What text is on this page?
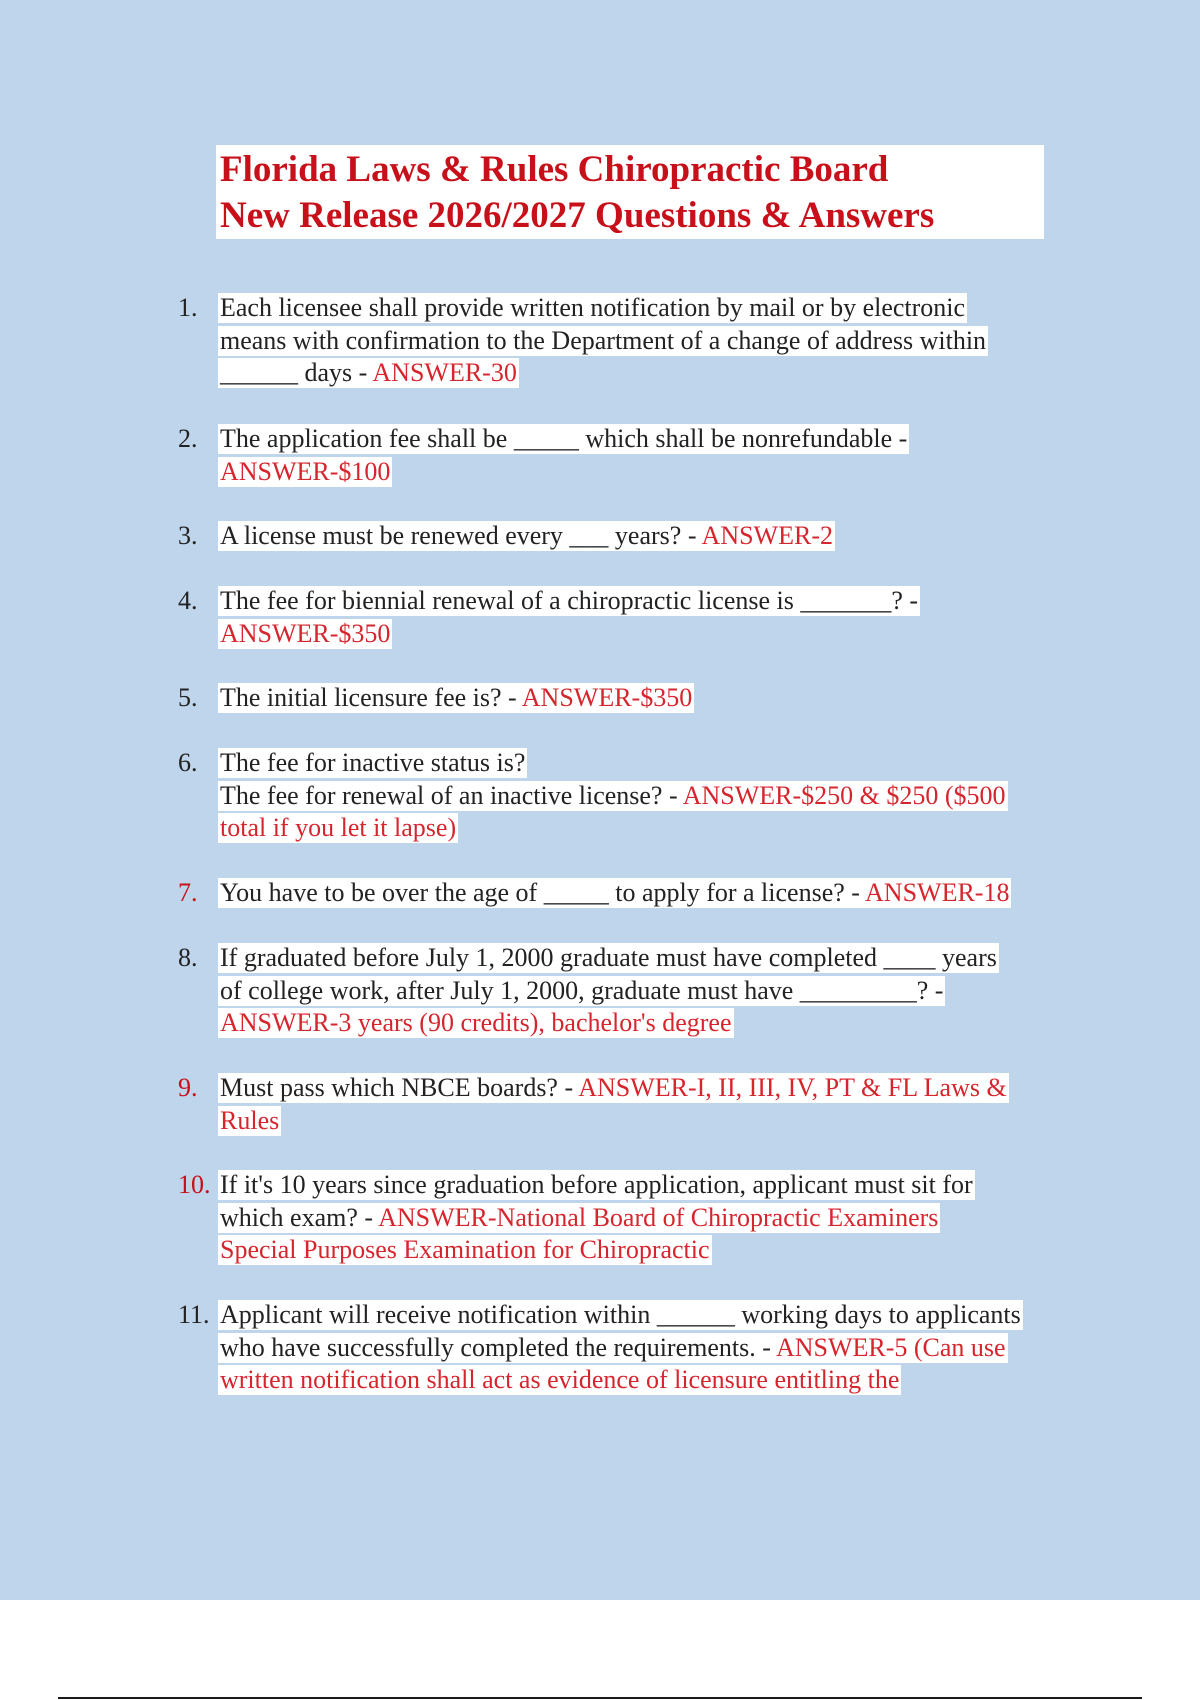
Florida Laws & Rules Chiropractic Board
New Release 2026/2027 Questions & Answers
1. Each licensee shall provide written notification by mail or by electronic
means with confirmation to the Department of a change of address within
______ days - ANSWER-30
2. The application fee shall be _____ which shall be nonrefundable -
ANSWER-$100
3. A license must be renewed every ___ years? - ANSWER-2
4. The fee for biennial renewal of a chiropractic license is _______? -
ANSWER-$350
5. The initial licensure fee is? - ANSWER-$350
6. The fee for inactive status is?
The fee for renewal of an inactive license? - ANSWER-$250 & $250 ($500
total if you let it lapse)
7. You have to be over the age of _____ to apply for a license? - ANSWER-18
8. If graduated before July 1, 2000 graduate must have completed ____ years
of college work, after July 1, 2000, graduate must have _________? -
ANSWER-3 years (90 credits), bachelor's degree
9. Must pass which NBCE boards? - ANSWER-I, II, III, IV, PT & FL Laws &
Rules
10. If it's 10 years since graduation before application, applicant must sit for
which exam? - ANSWER-National Board of Chiropractic Examiners
Special Purposes Examination for Chiropractic
11. Applicant will receive notification within ______ working days to applicants
who have successfully completed the requirements. - ANSWER-5 (Can use
written notification shall act as evidence of licensure entitling the
